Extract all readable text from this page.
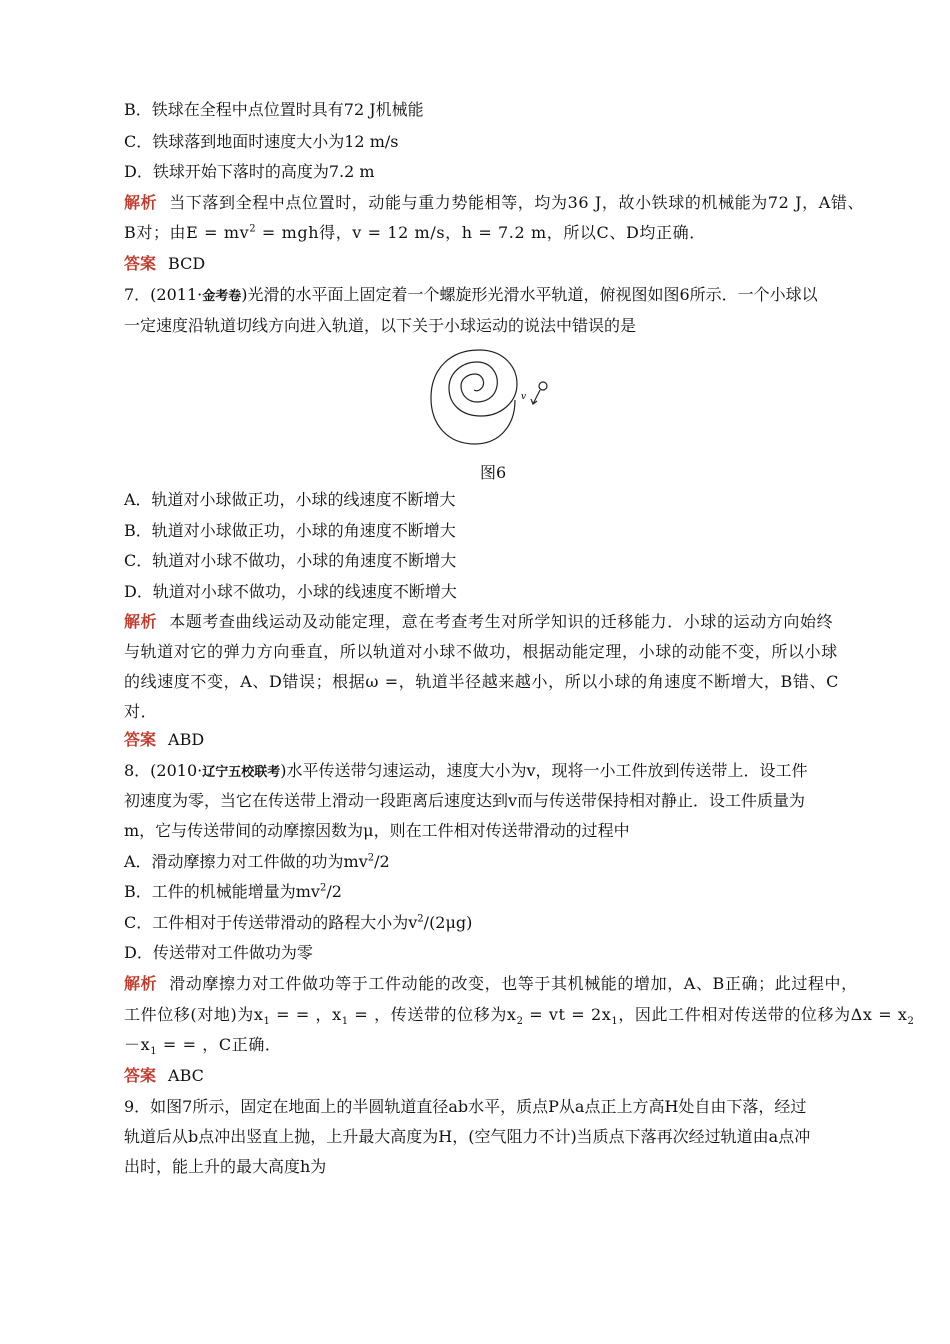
B．铁球在全程中点位置时具有72 J机械能
C．铁球落到地面时速度大小为12 m/s
D．铁球开始下落时的高度为7.2 m
解析 当下落到全程中点位置时，动能与重力势能相等，均为36 J，故小铁球的机械能为72 J，A错、
B对；由$E = mv^2$ = mgh得，v = 12 m/s，h = 7.2 m，所以C、D均正确．
答案 BCD
7．(2011·金考卷)光滑的水平面上固定着一个螺旋形光滑水平轨道，俯视图如图6所示．一个小球以
一定速度沿轨道切线方向进入轨道，以下关于小球运动的说法中错误的是
v
图6
A．轨道对小球做正功，小球的线速度不断增大
B．轨道对小球做正功，小球的角速度不断增大
C．轨道对小球不做功，小球的角速度不断增大
D．轨道对小球不做功，小球的线速度不断增大
解析 本题考查曲线运动及动能定理，意在考查考生对所学知识的迁移能力．小球的运动方向始终
与轨道对它的弹力方向垂直，所以轨道对小球不做功，根据动能定理，小球的动能不变，所以小球
的线速度不变，A、D错误；根据ω =，轨道半径越来越小，所以小球的角速度不断增大，B错、C
对．
答案 ABD
8．(2010·辽宁五校联考)水平传送带匀速运动，速度大小为v，现将一小工件放到传送带上．设工件
初速度为零，当它在传送带上滑动一段距离后速度达到v而与传送带保持相对静止．设工件质量为
m，它与传送带间的动摩擦因数为μ，则在工件相对传送带滑动的过程中
A．滑动摩擦力对工件做的功为$mv^2/2$
B．工件的机械能增量为$mv^2/2$
C．工件相对于传送带滑动的路程大小为$v^2/(2\mu g)$
D．传送带对工件做功为零
解析 滑动摩擦力对工件做功等于工件动能的改变，也等于其机械能的增加，A、B正确；此过程中，
工件位移(对地)为$x_1$ = = ，$x_1$ = ，传送带的位移为$x_2$ = vt = $2x_1$，因此工件相对传送带的位移为$\Delta x = x_2$
$-x_1$ = = ，C正确．
答案 ABC
9．如图7所示，固定在地面上的半圆轨道直径ab水平，质点P从a点正上方高H处自由下落，经过
轨道后从b点冲出竖直上抛，上升最大高度为H，(空气阻力不计)当质点下落再次经过轨道由a点冲
出时，能上升的最大高度h为
